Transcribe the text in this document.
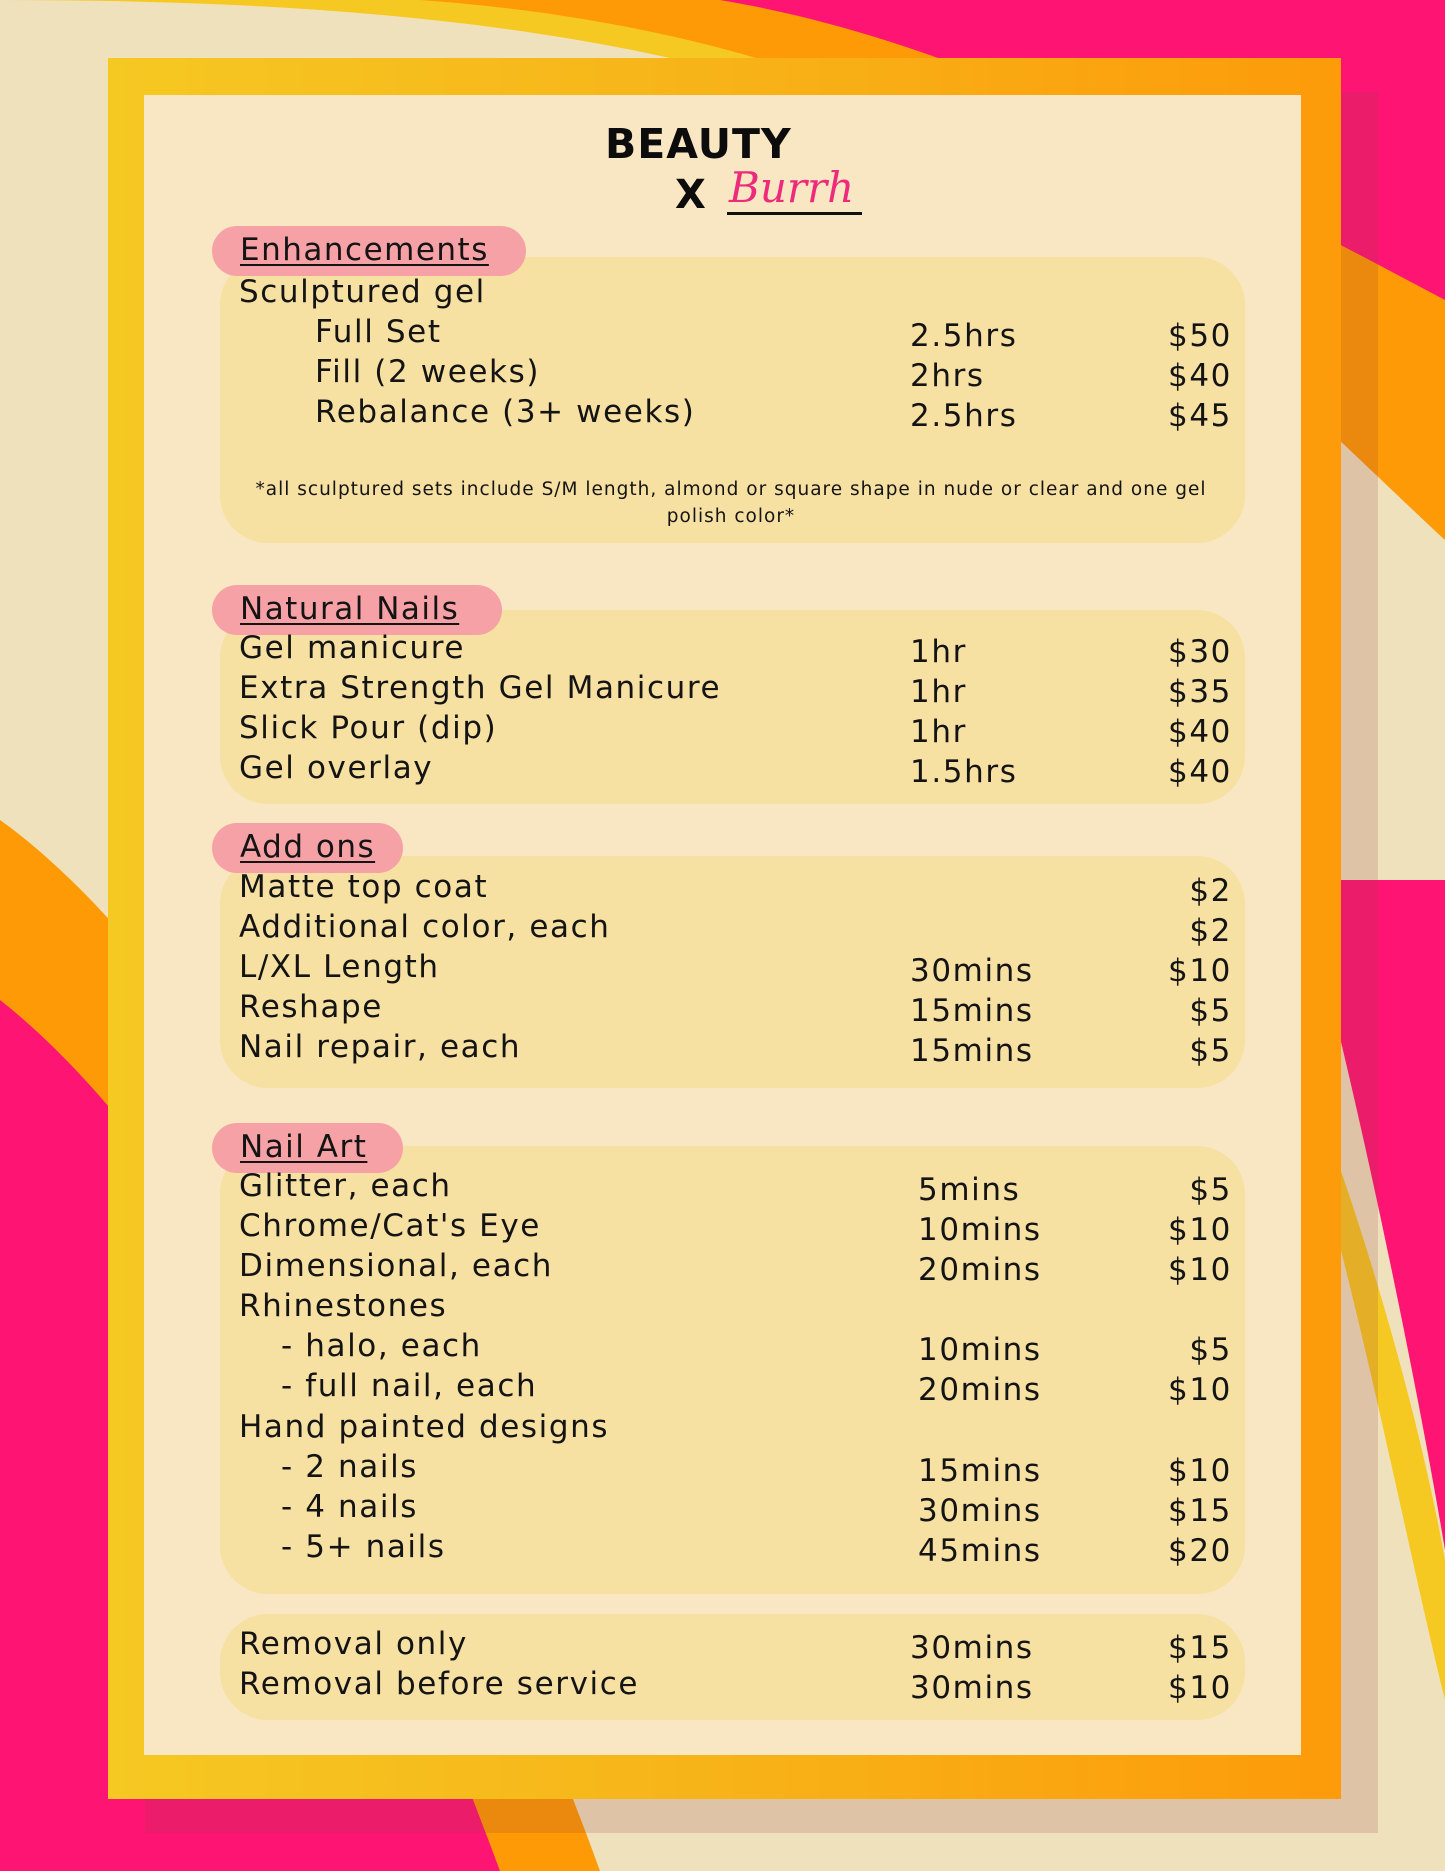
BEAUTY
X Burrh
Enhancements
Sculptured gel
Full Set	2.5hrs	$50
Fill (2 weeks)	2hrs	$40
Rebalance (3+ weeks)	2.5hrs	$45
*all sculptured sets include S/M length, almond or square shape in nude or clear and one gel polish color*
Natural Nails
Gel manicure	1hr	$30
Extra Strength Gel Manicure	1hr	$35
Slick Pour (dip)	1hr	$40
Gel overlay	1.5hrs	$40
Add ons
Matte top coat	$2
Additional color, each	$2
L/XL Length	30mins	$10
Reshape	15mins	$5
Nail repair, each	15mins	$5
Nail Art
Glitter, each	5mins	$5
Chrome/Cat's Eye	10mins	$10
Dimensional, each	20mins	$10
Rhinestones
- halo, each	10mins	$5
- full nail, each	20mins	$10
Hand painted designs
- 2 nails	15mins	$10
- 4 nails	30mins	$15
- 5+ nails	45mins	$20
Removal only	30mins	$15
Removal before service	30mins	$10
